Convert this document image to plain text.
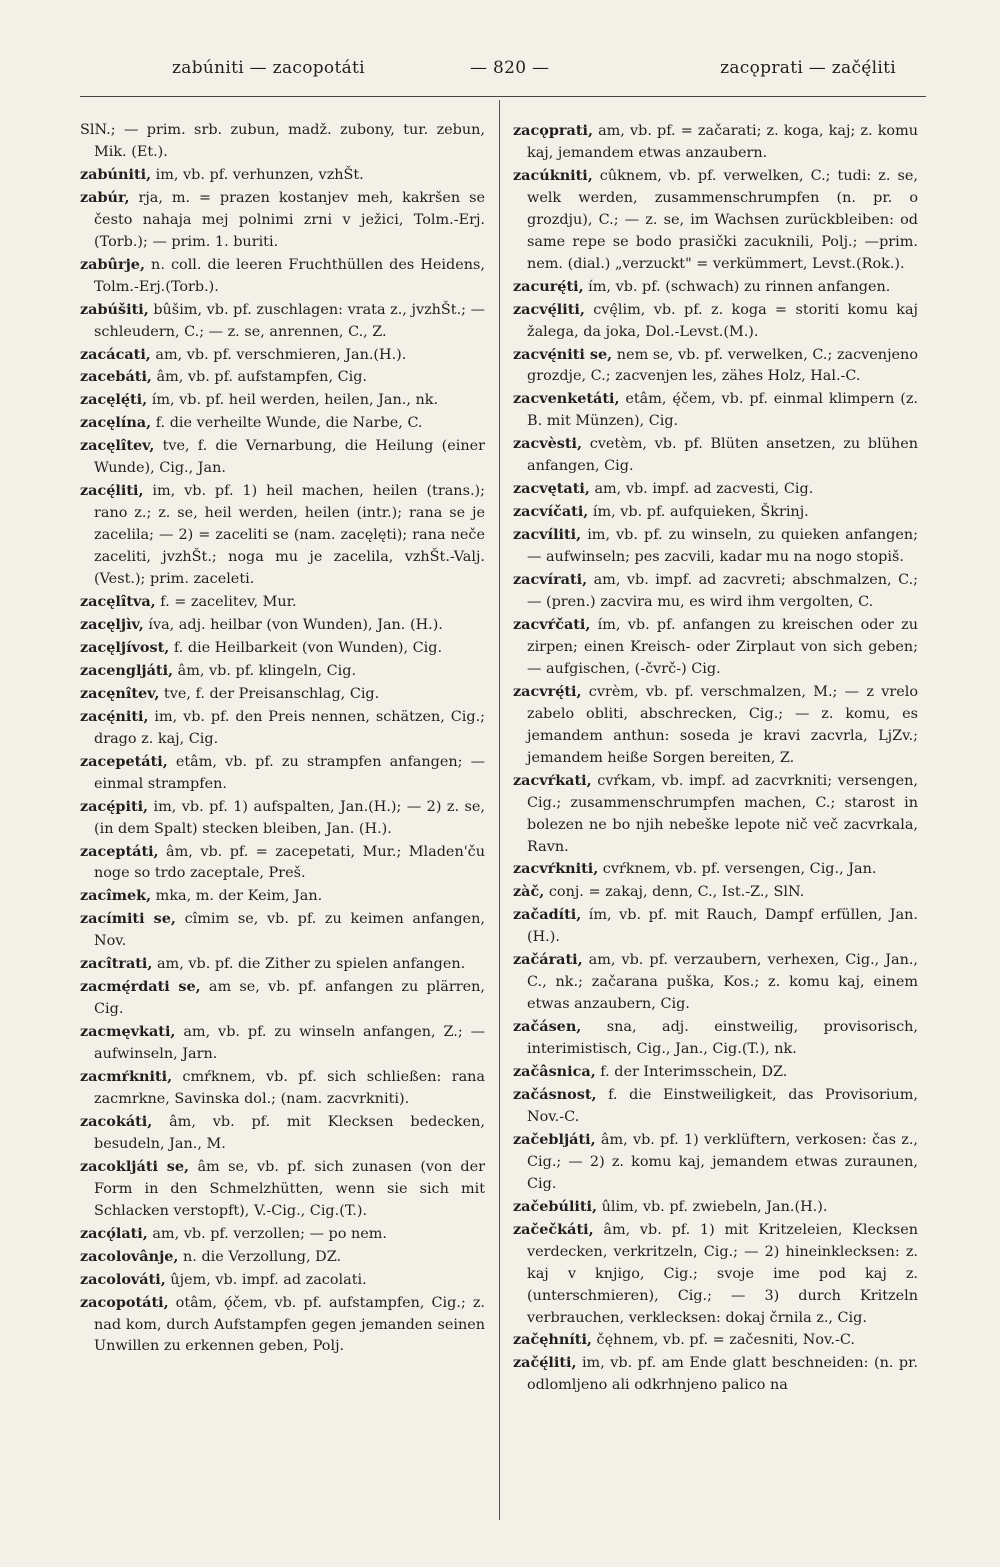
zabúniti — zacopotáti	— 820 —	zacǫprati — začę́liti

SlN.; — prim. srb. zubun, madž. zubony, tur. zebun, Mik. (Et.).

zabúniti, im, vb. pf. verhunzen, vzhŠt.

zabúr, rja, m. = prazen kostanjev meh, kakršen se često nahaja mej polnimi zrni v ježici, Tolm.-Erj.(Torb.); — prim. 1. buriti.

zabûrje, n. coll. die leeren Fruchthüllen des Heidens, Tolm.-Erj.(Torb.).

zabúšiti, bûšim, vb. pf. zuschlagen: vrata z., jvzhŠt.; — schleudern, C.; — z. se, anrennen, C., Z.

zacácati, am, vb. pf. verschmieren, Jan.(H.).

zacebáti, âm, vb. pf. aufstampfen, Cig.

zacęlę́ti, ím, vb. pf. heil werden, heilen, Jan., nk.

zacęlína, f. die verheilte Wunde, die Narbe, C.

zacęlîtev, tve, f. die Vernarbung, die Heilung (einer Wunde), Cig., Jan.

zacę́liti, im, vb. pf. 1) heil machen, heilen (trans.); rano z.; z. se, heil werden, heilen (intr.); rana se je zacelila; — 2) = zaceliti se (nam. zacęlęti); rana neče zaceliti, jvzhŠt.; noga mu je zacelila, vzhŠt.-Valj.(Vest.); prim. zaceleti.

zacęlîtva, f. = zacelitev, Mur.

zacęljìv, íva, adj. heilbar (von Wunden), Jan. (H.).

zacęljívost, f. die Heilbarkeit (von Wunden), Cig.

zacengljáti, âm, vb. pf. klingeln, Cig.

zacęnîtev, tve, f. der Preisanschlag, Cig.

zacę́niti, im, vb. pf. den Preis nennen, schätzen, Cig.; drago z. kaj, Cig.

zacepetáti, etâm, vb. pf. zu strampfen anfangen; — einmal strampfen.

zacę́piti, im, vb. pf. 1) aufspalten, Jan.(H.); — 2) z. se, (in dem Spalt) stecken bleiben, Jan. (H.).

zaceptáti, âm, vb. pf. = zacepetati, Mur.; Mladen'ču noge so trdo zaceptale, Preš.

zacîmek, mka, m. der Keim, Jan.

zacímiti se, cîmim se, vb. pf. zu keimen anfangen, Nov.

zacîtrati, am, vb. pf. die Zither zu spielen anfangen.

zacmę́rdati se, am se, vb. pf. anfangen zu plärren, Cig.

zacmęvkati, am, vb. pf. zu winseln anfangen, Z.; — aufwinseln, Jarn.

zacmŕkniti, cmŕknem, vb. pf. sich schließen: rana zacmrkne, Savinska dol.; (nam. zacvrkniti).

zacokáti, âm, vb. pf. mit Klecksen bedecken, besudeln, Jan., M.

zacokljáti se, âm se, vb. pf. sich zunasen (von der Form in den Schmelzhütten, wenn sie sich mit Schlacken verstopft), V.-Cig., Cig.(T.).

zacǫ́lati, am, vb. pf. verzollen; — po nem.

zacolovânje, n. die Verzollung, DZ.

zacolováti, ûjem, vb. impf. ad zacolati.

zacopotáti, otâm, ǫ́čem, vb. pf. aufstampfen, Cig.; z. nad kom, durch Aufstampfen gegen jemanden seinen Unwillen zu erkennen geben, Polj.

zacǫprati, am, vb. pf. = začarati; z. koga, kaj; z. komu kaj, jemandem etwas anzaubern.

zacúkniti, cûknem, vb. pf. verwelken, C.; tudi: z. se, welk werden, zusammenschrumpfen (n. pr. o grozdju), C.; — z. se, im Wachsen zurückbleiben: od same repe se bodo prasički zacuknili, Polj.; —prim. nem. (dial.) „verzuckt" = verkümmert, Levst.(Rok.).

zacurę́ti, ím, vb. pf. (schwach) zu rinnen anfangen.

zacvę́liti, cvę̂lim, vb. pf. z. koga = storiti komu kaj žalega, da joka, Dol.-Levst.(M.).

zacvę́niti se, nem se, vb. pf. verwelken, C.; zacvenjeno grozdje, C.; zacvenjen les, zähes Holz, Hal.-C.

zacvenketáti, etâm, ę́čem, vb. pf. einmal klimpern (z. B. mit Münzen), Cig.

zacvèsti, cvetèm, vb. pf. Blüten ansetzen, zu blühen anfangen, Cig.

zacvętati, am, vb. impf. ad zacvesti, Cig.

zacvíčati, ím, vb. pf. aufquieken, Škrinj.

zacvíliti, im, vb. pf. zu winseln, zu quieken anfangen; — aufwinseln; pes zacvili, kadar mu na nogo stopiš.

zacvírati, am, vb. impf. ad zacvreti; abschmalzen, C.; — (pren.) zacvira mu, es wird ihm vergolten, C.

zacvŕčati, ím, vb. pf. anfangen zu kreischen oder zu zirpen; einen Kreisch- oder Zirplaut von sich geben; — aufgischen, (-čvrč-) Cig.

zacvrę́ti, cvrèm, vb. pf. verschmalzen, M.; — z vrelo zabelo obliti, abschrecken, Cig.; — z. komu, es jemandem anthun: soseda je kravi zacvrla, LjZv.; jemandem heiße Sorgen bereiten, Z.

zacvŕkati, cvŕkam, vb. impf. ad zacvrkniti; versengen, Cig.; zusammenschrumpfen machen, C.; starost in bolezen ne bo njih nebeške lepote nič več zacvrkala, Ravn.

zacvŕkniti, cvŕknem, vb. pf. versengen, Cig., Jan.

zàč, conj. = zakaj, denn, C., Ist.-Z., SlN.

začadíti, ím, vb. pf. mit Rauch, Dampf erfüllen, Jan.(H.).

začárati, am, vb. pf. verzaubern, verhexen, Cig., Jan., C., nk.; začarana puška, Kos.; z. komu kaj, einem etwas anzaubern, Cig.

začásen, sna, adj. einstweilig, provisorisch, interimistisch, Cig., Jan., Cig.(T.), nk.

začâsnica, f. der Interimsschein, DZ.

začásnost, f. die Einstweiligkeit, das Provisorium, Nov.-C.

začebljáti, âm, vb. pf. 1) verklüftern, verkosen: čas z., Cig.; — 2) z. komu kaj, jemandem etwas zuraunen, Cig.

začebúliti, ûlim, vb. pf. zwiebeln, Jan.(H.).

začečkáti, âm, vb. pf. 1) mit Kritzeleien, Klecksen verdecken, verkritzeln, Cig.; — 2) hineinklecksen: z. kaj v knjigo, Cig.; svoje ime pod kaj z. (unterschmieren), Cig.; — 3) durch Kritzeln verbrauchen, verklecksen: dokaj črnila z., Cig.

začęhníti, čęhnem, vb. pf. = začesniti, Nov.-C.

začę́liti, im, vb. pf. am Ende glatt beschneiden: (n. pr. odlomljeno ali odkrhnjeno palico na
